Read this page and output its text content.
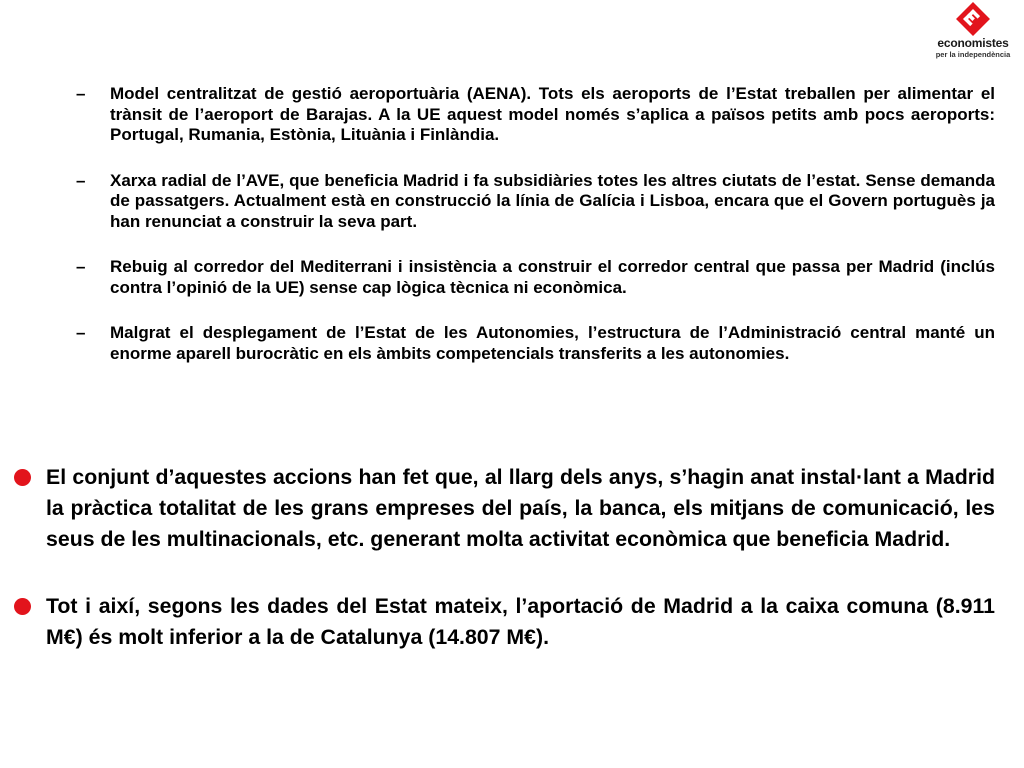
economistes
per la independència
– Model centralitzat de gestió aeroportuària (AENA). Tots els aeroports de l’Estat treballen per alimentar el trànsit de l’aeroport de Barajas. A la UE aquest model només s’aplica a països petits amb pocs aeroports: Portugal, Rumania, Estònia, Lituània i Finlàndia.
– Xarxa radial de l’AVE, que beneficia Madrid i fa subsidiàries totes les altres ciutats de l’estat. Sense demanda de passatgers. Actualment està en construcció la línia de Galícia i Lisboa, encara que el Govern portuguès ja han renunciat a construir la seva part.
– Rebuig al corredor del Mediterrani i insistència a construir el corredor central que passa per Madrid (inclús contra l’opinió de la UE) sense cap lògica tècnica ni econòmica.
– Malgrat el desplegament de l’Estat de les Autonomies, l’estructura de l’Administració central manté un enorme aparell burocràtic en els àmbits competencials transferits a les autonomies.
El conjunt d’aquestes accions han fet que, al llarg dels anys, s’hagin anat instal·lant a Madrid la pràctica totalitat de les grans empreses del país, la banca, els mitjans de comunicació, les seus de les multinacionals, etc. generant molta activitat econòmica que beneficia Madrid.
Tot i així, segons les dades del Estat mateix, l’aportació de Madrid a la caixa comuna (8.911 M€) és molt inferior a la de Catalunya (14.807 M€).
